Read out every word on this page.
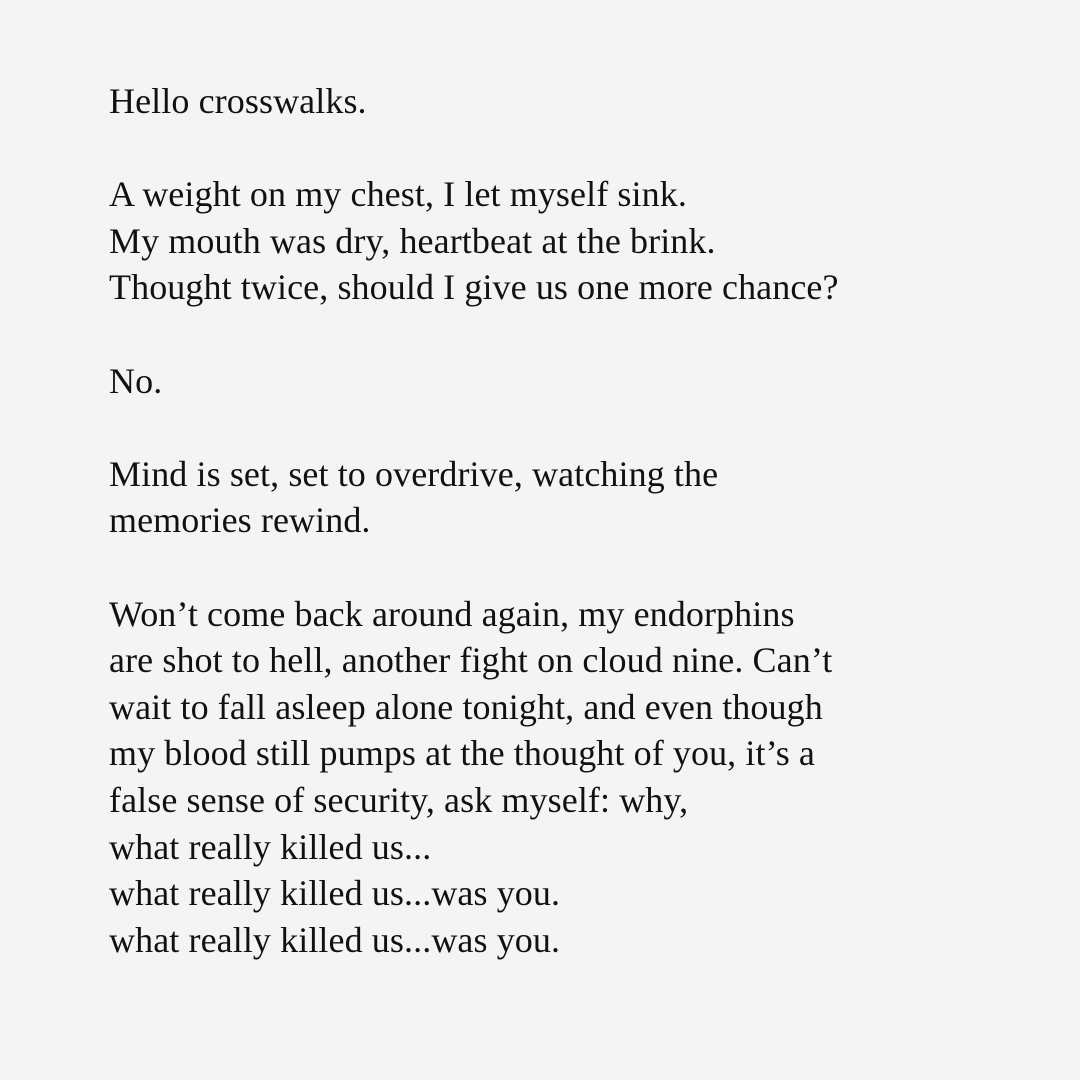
Hello crosswalks.
A weight on my chest, I let myself sink.
My mouth was dry, heartbeat at the brink.
Thought twice, should I give us one more chance?
No.
Mind is set, set to overdrive, watching the
memories rewind.
Won’t come back around again, my endorphins
are shot to hell, another fight on cloud nine. Can’t
wait to fall asleep alone tonight, and even though
my blood still pumps at the thought of you, it’s a
false sense of security, ask myself: why,
what really killed us...
what really killed us...was you.
what really killed us...was you.
